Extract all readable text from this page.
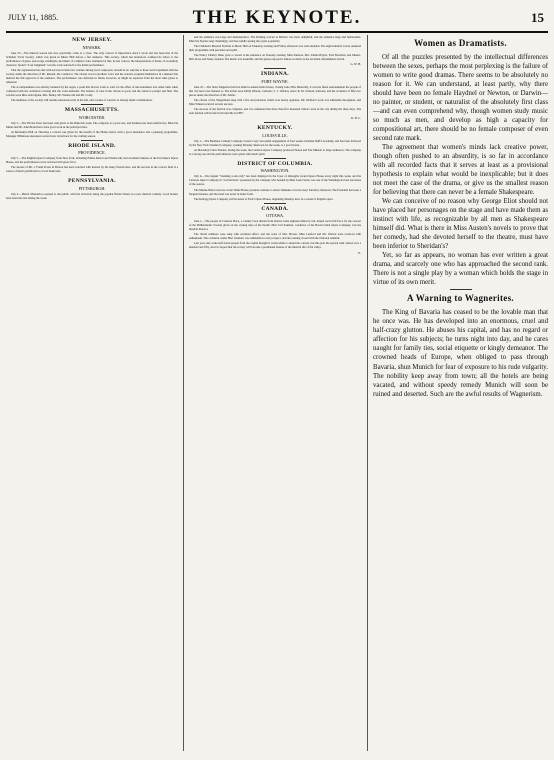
JULY 11, 1885.	THE KEYNOTE.	15
NEW JERSEY.
NEWARK.

June 25.—The musical season has now practically come to a close. The only concert of importance since I wrote last has been that of the Schubert Vocal Society, which was given in Music Hall before a fair audience. This society, which has heretofore confined its labors to the performance of glees, part-songs, madrigals, and music of a lighter order, attempted at this, its last concert, the interpretation of music of an entirely character, Spohr's "Last Judgment" was the work selected for the initial performance.

That the organization has met with success in their new venture among local composers, should be no surprise to those well acquainted with the society, under the direction of Mr. Russell, the conductor. The chorus was in excellent voice and the soloists acquitted themselves in a manner that merited the full approval of the audience. The performance was deficient in finish, however, as might be expected from the short time given to rehearsal.

The accompaniment was entirely rendered by the organ, a point that did not work so well, for the effect of the instrument was rather tame when compared with the orchestral coloring that the work demands. The balance of tone in the chorus is good, and the attack is prompt and firm. The soloists were Miss Ada Ogden, Mrs. Bailey, Mr. Wentworth and Mr. Conly.

The members of the society will resume rehearsals early in the fall, and a series of concerts is already under consideration.

MASSACHUSETTS.
WORCESTER.

July 5.—The Private Tutor has been well given at the Rink this week. The company is a good one, and business has been satisfactory. Miss Ida Mulle and Mr. John Brand have done good work in the principal rôles.

At Mechanics Hall on Thursday a concert was given for the benefit of the Home Guard, with a good attendance and a pleasing programme. Manager Wilkinson announces several new attractions for the coming season.

RHODE ISLAND.
PROVIDENCE.

July 5.—The English Opera Company from New York, including Emma Abbott and Wentworth, had excellent business at the Providence Opera House, and the performances were received with great favor.

The decade of Mr. J. Frank Porter in Boston has been watched with interest by his many friends here, and his success in the concert field is a source of much gratification to local musicians.

PENNSYLVANIA.
PITTSBURGH.

July 4.—Harris' Museum re-opened to the public, with the attraction being the popular Harris Sisters in a new musical comedy. Good houses have been the rule during the week.

and the audience was large and demonstrative. The Peaking concert at Belleve was most delightful, and the audience large and fashionable. Miss Ida Snyder sang charmingly, and has rapidly sprung into great popularity.

The Children's Musical Festival at Music Hall on Thursday evening and Friday afternoon was well attended. The eight hundred voices rendered their programme with precision and spirit.

The Nancy Charley Dano gave a concert at his residence on Tuesday evening. Miss Pandora, Mrs. Emma Baylor, Fred Bowman, and Messrs. Bell, Rose and Neely assisted. The music was beautiful, and the guests enjoyed it almost as much as the excellent refreshments served.

G. W. H.
INDIANA.
FORT WAYNE.

June 25.—The State Sängerfest held its ninth bi-annual festival here, closing June 29th. Musically, it was the finest entertainment the people of this city have ever listened to. The artists were Emily Winant, contralto; C. J. Weldon, tenor; R. M. Schwab, baritone; and the orchestra of fifty-two pieces under the direction of Mr. Zeitler.

The chorus of the Sängerbund sang with a fire and precision which won hearty applause. Mr. Weldon's work was admirable throughout, and Miss Winant received several encores.

The success of the festival was complete, and it is estimated that more than five thousand visitors were in the city during the three days. The next festival will be held in Evansville in 1887.

R. H. C.
KENTUCKY.
LOUISVILLE.

July 1.—The Bandana Comedy Company closed a very successful engagement of four weeks at Daniel Duff's Academy, and has been followed by the New York Standard Company, opening Monday afternoon for the week, to a good house.

At Macauley's New Theatre, during the week, the Carleton Opera Company produced Nanon and The Mikado to large audiences. The company is a strong one and the performances were given with much spirit.

DISTRICT OF COLUMBIA.
WASHINGTON.

July 4.—The legend "Standing room only" has been displayed in the foyer of Albaugh's Grand Opera House every night this week, and the Carleton Opera Company in "La Perichole" presented by the company who headed by Miss Laura Stout, was one of the Washington's best successes of the season.

The Marine Band concerts on the White House grounds continue to attract immense crowds every Saturday afternoon. The President has been a frequent listener, and the band was never in better form.

The Kellogg Opera Company will be heard at Ford's Opera House, beginning Monday next, in a round of English opera.

CANADA.
OTTAWA.

June 1.—The people of Carleton Place, a country town distant from Ottawa some eighteen miles by rail, turned out in full force for the concert of the Philharmonic Society given on the closing days of the month. Herr Carl Zeuman, conductor of the Boston Ideal Opera Company, was the musical director.

The choral numbers were sung with excellent effect, and the solos of Mrs. Brown, Miss Lanford and Mr. Warren were received with enthusiasm. The orchestra, under Herr Zeuman, was admirable in every respect, and the evening closed with the National Anthem.

Last year only some half dozen people from the capital thought it worth while to attend the concert, but this year the special train carried over a hundred and fifty, and it is hoped that the society will become a permanent feature of the musical life of the valley.

E.
Women as Dramatists.

Of all the puzzles presented by the intellectual differences between the sexes, perhaps the most perplexing is the failure of women to write good dramas. There seems to be absolutely no reason for it. We can understand, at least partly, why there should have been no female Haydnel or Newton, or Darwin—no painter, or student, or naturalist of the absolutely first class—and can even comprehend why, though women study music so much as men, and develop as high a capacity for compositional art, there should be no female composer of even second rate mark.

The agreement that women's minds lack creative power, though often pushed to an absurdity, is so far in accordance with all recorded facts that it serves at least as a provisional hypothesis to explain what would be inexplicable; but it does not meet the case of the drama, or give us the smallest reason for believing that there can never be a female Shakespeare.

We can conceive of no reason why George Eliot should not have placed her personages on the stage and have made them as instinct with life, as recognizable by all men as Shakespeare himself did. What is there in Miss Austen's novels to prove that her comedy, had she devoted herself to the theatre, must have been inferior to Sheridan's?

Yet, so far as appears, no woman has ever written a great drama, and scarcely one who has approached the second rank. There is not a single play by a woman which holds the stage in virtue of its own merit.

A Warning to Wagnerites.

The King of Bavaria has ceased to be the lovable man that he once was. He has developed into an enormous, cruel and half-crazy glutton. He abuses his capital, and has no regard or affection for his subjects; he turns night into day, and he cares naught for family ties, social etiquette or kingly demeanor. The crowned heads of Europe, when obliged to pass through Bavaria, shun Munich for fear of exposure to his rude vulgarity. The nobility keep away from town; all the hotels are being vacated, and without speedy remedy Munich will soon be ruined and deserted. Such are the awful results of Wagnerism.
